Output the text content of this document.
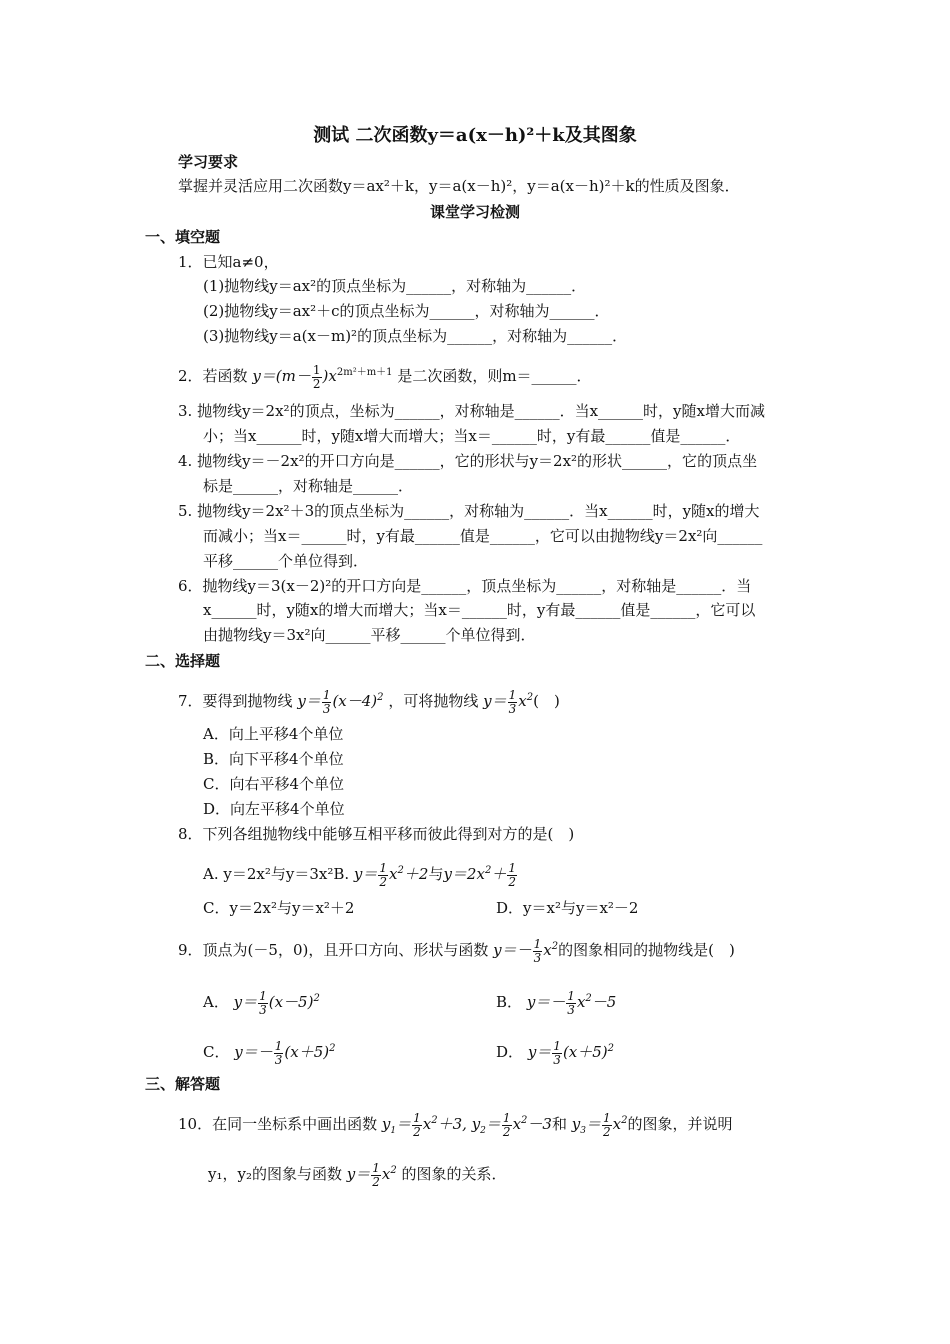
测试 二次函数y＝a(x－h)²＋k及其图象
学习要求
掌握并灵活应用二次函数y＝ax²＋k，y＝a(x－h)²，y＝a(x－h)²＋k的性质及图象．
课堂学习检测
一、填空题
1．已知a≠0，
(1)抛物线y＝ax²的顶点坐标为______，对称轴为______．
(2)抛物线y＝ax²＋c的顶点坐标为______，对称轴为______．
(3)抛物线y＝a(x－m)²的顶点坐标为______，对称轴为______．
2．若函数 $y=(m- \frac{1}{2} )x^{2m^2+m+1}$ 是二次函数，则m＝______．
3. 抛物线y＝2x²的顶点，坐标为______，对称轴是______．当x______时，y随x增大而减
小；当x______时，y随x增大而增大；当x＝______时，y有最______值是______．
4. 抛物线y＝－2x²的开口方向是______，它的形状与y＝2x²的形状______，它的顶点坐
标是______，对称轴是______．
5. 抛物线y＝2x²＋3的顶点坐标为______，对称轴为______．当x______时，y随x的增大
而减小；当x＝______时，y有最______值是______，它可以由抛物线y＝2x²向______
平移______个单位得到．
6．抛物线y＝3(x－2)²的开口方向是______，顶点坐标为______，对称轴是______．当
x______时，y随x的增大而增大；当x＝______时，y有最______值是______，它可以
由抛物线y＝3x²向______平移______个单位得到．
二、选择题
7．要得到抛物线 $y= \frac{1}{3} (x-4)^2$ ，可将抛物线 $y= \frac{1}{3} x^2$(　)
A．向上平移4个单位
B．向下平移4个单位
C．向右平移4个单位
D．向左平移4个单位
8．下列各组抛物线中能够互相平移而彼此得到对方的是(　)
A. y＝2x²与y＝3x²B. $y= \frac{1}{2} x^2+2$与$y=2x^2+ \frac{1}{2}$
C．y＝2x²与y＝x²＋2	D．y＝x²与y＝x²－2
9．顶点为(－5，0)，且开口方向、形状与函数 $y=- \frac{1}{3} x^2$的图象相同的抛物线是(　)
A． $y= \frac{1}{3} (x-5)^2$	B． $y=- \frac{1}{3} x^2-5$
C． $y=- \frac{1}{3} (x+5)^2$	D． $y= \frac{1}{3} (x+5)^2$
三、解答题
10．在同一坐标系中画出函数 $y_1= \frac{1}{2} x^2+3$, $y_2= \frac{1}{2} x^2-3$和 $y_3= \frac{1}{2} x^2$的图象，并说明
y₁，y₂的图象与函数 $y= \frac{1}{2} x^2$ 的图象的关系．
